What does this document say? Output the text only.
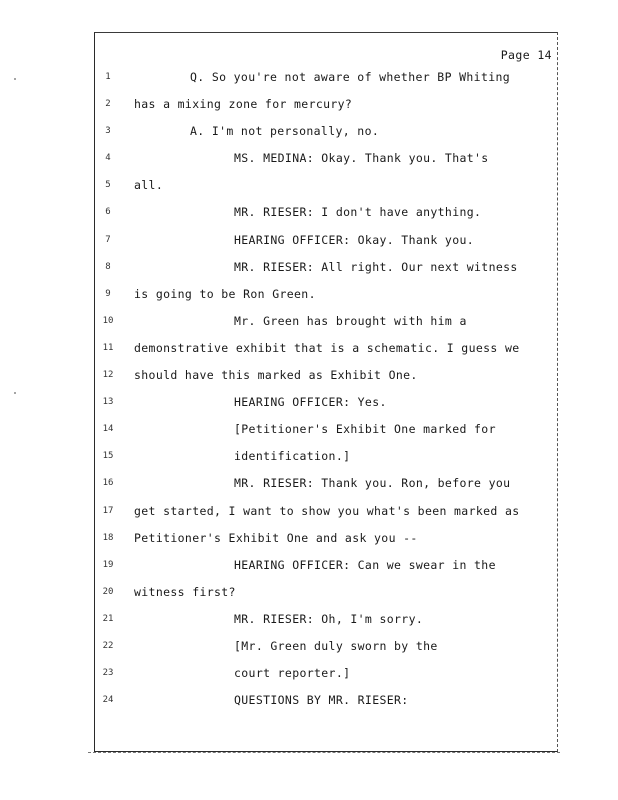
Page 14
1	Q. So you're not aware of whether BP Whiting
2	has a mixing zone for mercury?
3	A. I'm not personally, no.
4	MS. MEDINA: Okay. Thank you. That's
5	all.
6	MR. RIESER: I don't have anything.
7	HEARING OFFICER: Okay. Thank you.
8	MR. RIESER: All right. Our next witness
9	is going to be Ron Green.
10	Mr. Green has brought with him a
11	demonstrative exhibit that is a schematic. I guess we
12	should have this marked as Exhibit One.
13	HEARING OFFICER: Yes.
14	[Petitioner's Exhibit One marked for
15	identification.]
16	MR. RIESER: Thank you. Ron, before you
17	get started, I want to show you what's been marked as
18	Petitioner's Exhibit One and ask you --
19	HEARING OFFICER: Can we swear in the
20	witness first?
21	MR. RIESER: Oh, I'm sorry.
22	[Mr. Green duly sworn by the
23	court reporter.]
24	QUESTIONS BY MR. RIESER:
